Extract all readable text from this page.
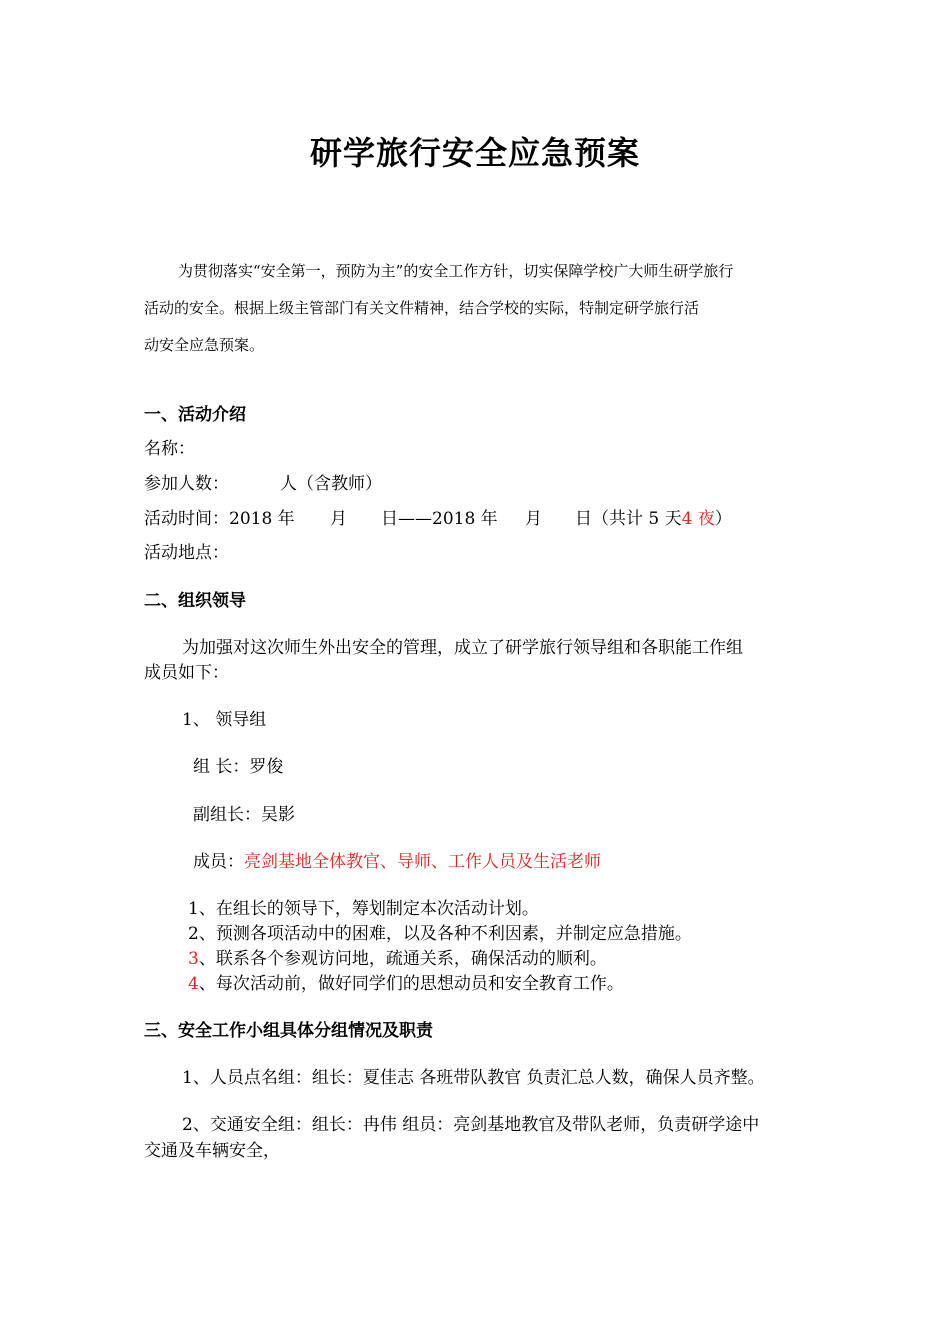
研学旅行安全应急预案
为贯彻落实“安全第一，预防为主”的安全工作方针，切实保障学校广大师生研学旅行
活动的安全。根据上级主管部门有关文件精神，结合学校的实际，特制定研学旅行活
动安全应急预案。
一、活动介绍
名称：
参加人数：	人（含教师）
活动时间：2018 年 月 日——2018 年 月 日（共计 5 天4 夜）
活动地点：
二、组织领导
为加强对这次师生外出安全的管理，成立了研学旅行领导组和各职能工作组
成员如下：
1、 领导组
组 长：罗俊
副组长：吴影
成员：亮剑基地全体教官、导师、工作人员及生活老师
1、在组长的领导下，筹划制定本次活动计划。
2、预测各项活动中的困难，以及各种不利因素，并制定应急措施。
3、联系各个参观访问地，疏通关系，确保活动的顺利。
4、每次活动前，做好同学们的思想动员和安全教育工作。
三、安全工作小组具体分组情况及职责
1、人员点名组：组长：夏佳志 各班带队教官 负责汇总人数，确保人员齐整。
2、交通安全组：组长：冉伟 组员：亮剑基地教官及带队老师，负责研学途中
交通及车辆安全，
